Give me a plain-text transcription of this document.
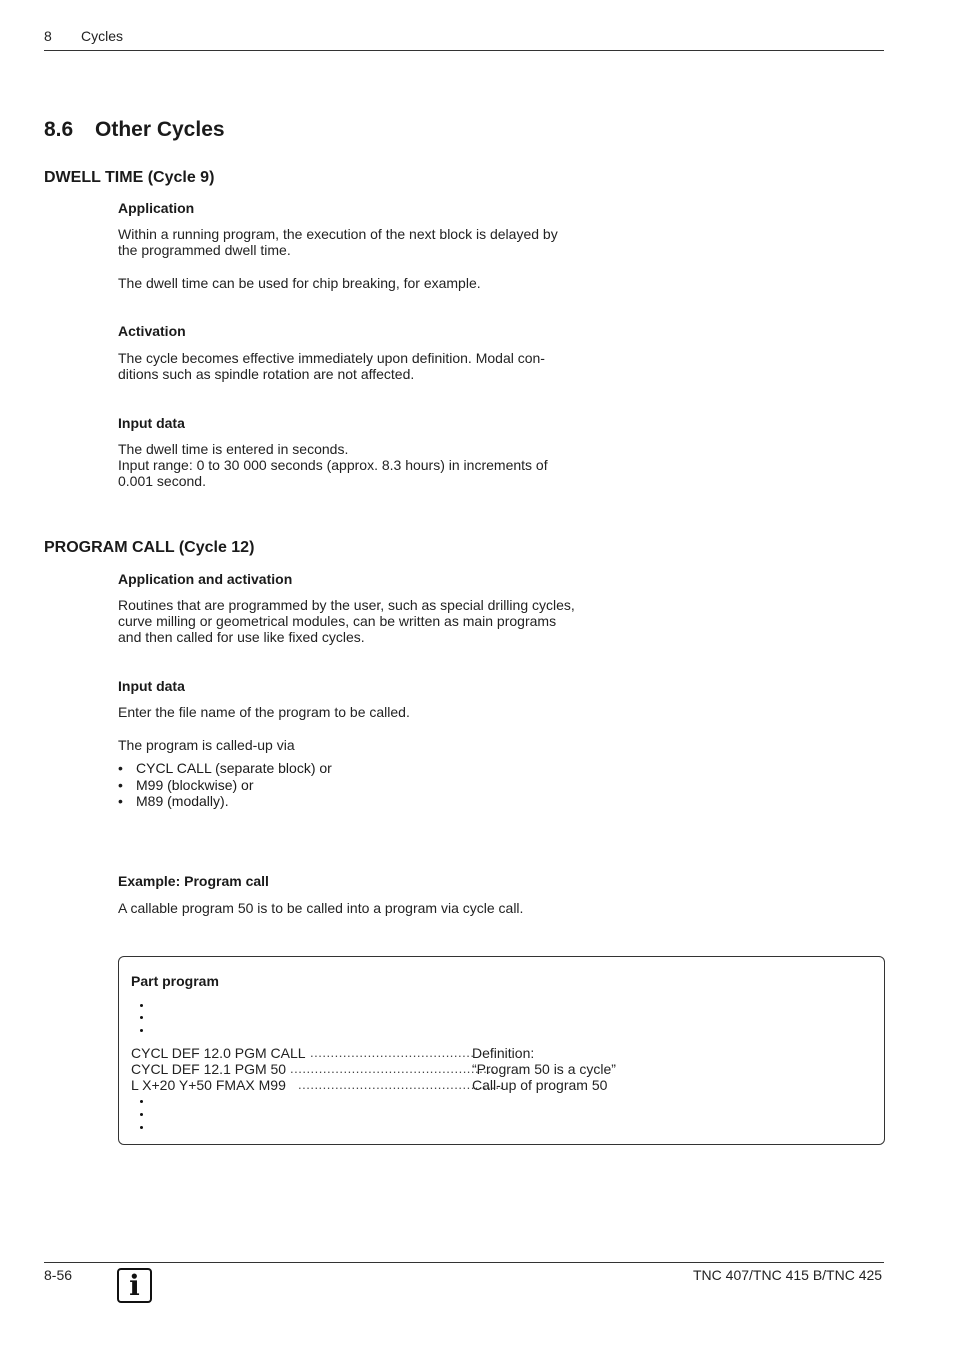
8 Cycles
8.6 Other Cycles
DWELL TIME (Cycle 9)
Application
Within a running program, the execution of the next block is delayed by
the programmed dwell time.
The dwell time can be used for chip breaking, for example.
Activation
The cycle becomes effective immediately upon definition. Modal con-
ditions such as spindle rotation are not affected.
Input data
The dwell time is entered in seconds.
Input range: 0 to 30 000 seconds (approx. 8.3 hours) in increments of
0.001 second.
PROGRAM CALL (Cycle 12)
Application and activation
Routines that are programmed by the user, such as special drilling cycles,
curve milling or geometrical modules, can be written as main programs
and then called for use like fixed cycles.
Input data
Enter the file name of the program to be called.
The program is called-up via
• CYCL CALL (separate block) or
• M99 (blockwise) or
• M89 (modally).
Example: Program call
A callable program 50 is to be called into a program via cycle call.
Part program
CYCL DEF 12.0 PGM CALL ........................................
Definition:
CYCL DEF 12.1 PGM 50 ..................................................
“Program 50 is a cycle”
L X+20 Y+50 FMAX M99 ..................................................
Call-up of program 50
8-56	i	TNC 407/TNC 415 B/TNC 425
